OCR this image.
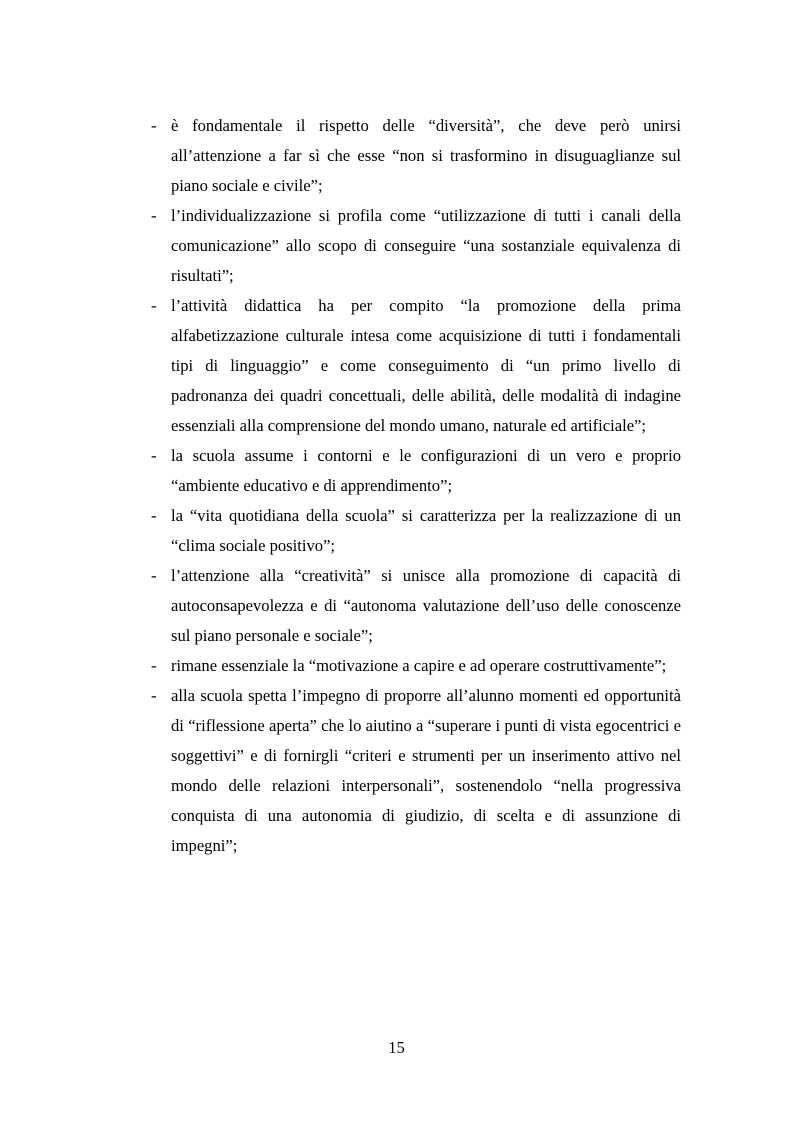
- è fondamentale il rispetto delle “diversità”, che deve però unirsi all’attenzione a far sì che esse “non si trasformino in disuguaglianze sul piano sociale e civile”;
- l’individualizzazione si profila come “utilizzazione di tutti i canali della comunicazione” allo scopo di conseguire “una sostanziale equivalenza di risultati”;
- l’attività didattica ha per compito “la promozione della prima alfabetizzazione culturale intesa come acquisizione di tutti i fondamentali tipi di linguaggio” e come conseguimento di “un primo livello di padronanza dei quadri concettuali, delle abilità, delle modalità di indagine essenziali alla comprensione del mondo umano, naturale ed artificiale”;
- la scuola assume i contorni e le configurazioni di un vero e proprio “ambiente educativo e di apprendimento”;
- la “vita quotidiana della scuola” si caratterizza per la realizzazione di un “clima sociale positivo”;
- l’attenzione alla “creatività” si unisce alla promozione di capacità di autoconsapevolezza e di “autonoma valutazione dell’uso delle conoscenze sul piano personale e sociale”;
- rimane essenziale la “motivazione a capire e ad operare costruttivamente”;
- alla scuola spetta l’impegno di proporre all’alunno momenti ed opportunità di “riflessione aperta” che lo aiutino a “superare i punti di vista egocentrici e soggettivi” e di fornirgli “criteri e strumenti per un inserimento attivo nel mondo delle relazioni interpersonali”, sostenendolo “nella progressiva conquista di una autonomia di giudizio, di scelta e di assunzione di impegni”;
15
